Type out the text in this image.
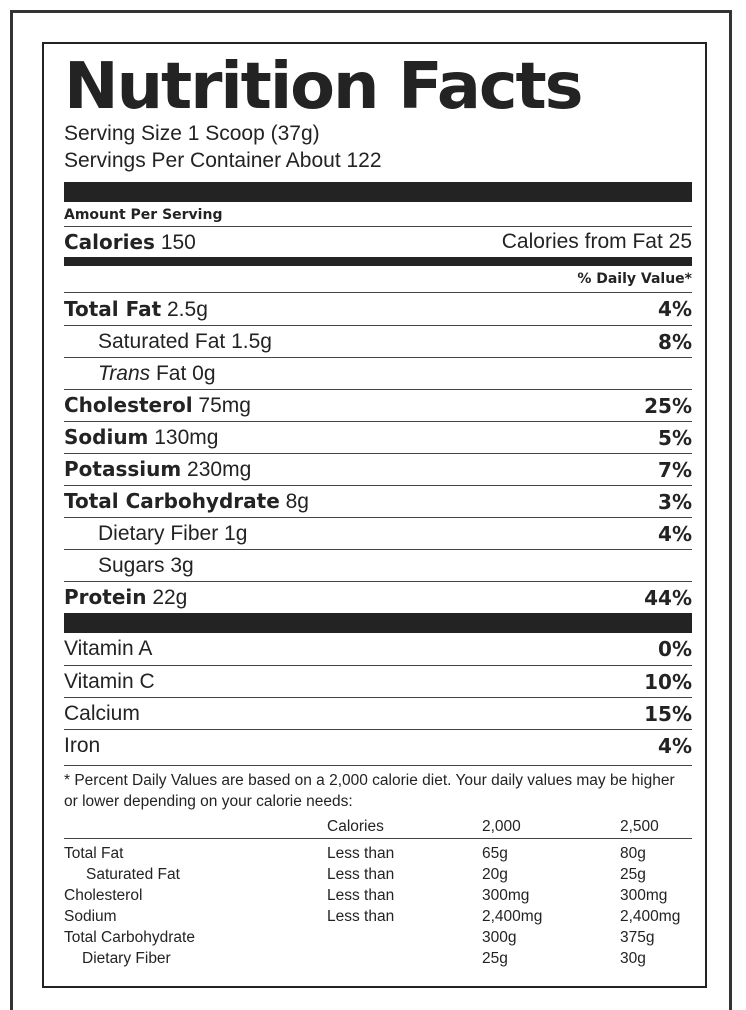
Nutrition Facts
Serving Size 1 Scoop (37g)
Servings Per Container About 122
Amount Per Serving
Calories 150	Calories from Fat 25
% Daily Value*
Total Fat 2.5g	4%
Saturated Fat 1.5g	8%
Trans Fat 0g
Cholesterol 75mg	25%
Sodium 130mg	5%
Potassium 230mg	7%
Total Carbohydrate 8g	3%
Dietary Fiber 1g	4%
Sugars 3g
Protein 22g	44%
Vitamin A	0%
Vitamin C	10%
Calcium	15%
Iron	4%
* Percent Daily Values are based on a 2,000 calorie diet. Your daily values may be higher or lower depending on your calorie needs:
	Calories	2,000	2,500
Total Fat	Less than	65g	80g
Saturated Fat	Less than	20g	25g
Cholesterol	Less than	300mg	300mg
Sodium	Less than	2,400mg	2,400mg
Total Carbohydrate		300g	375g
Dietary Fiber		25g	30g
